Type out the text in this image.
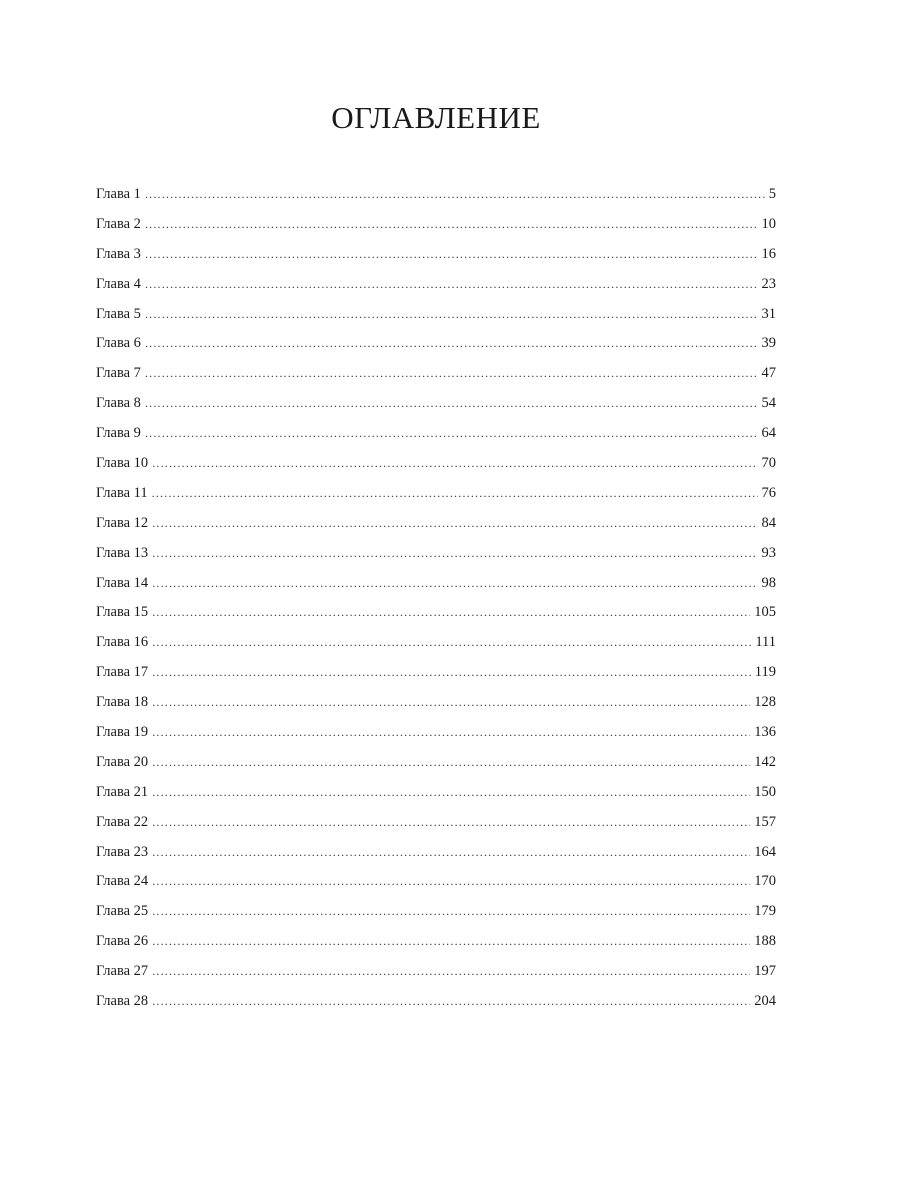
ОГЛАВЛЕНИЕ
Глава 1 .....	5
Глава 2 .....	10
Глава 3 .....	16
Глава 4 .....	23
Глава 5 .....	31
Глава 6 .....	39
Глава 7 .....	47
Глава 8 .....	54
Глава 9 .....	64
Глава 10 .....	70
Глава 11 .....	76
Глава 12 .....	84
Глава 13 .....	93
Глава 14 .....	98
Глава 15 .....	105
Глава 16 .....	111
Глава 17 .....	119
Глава 18 .....	128
Глава 19 .....	136
Глава 20 .....	142
Глава 21 .....	150
Глава 22 .....	157
Глава 23 .....	164
Глава 24 .....	170
Глава 25 .....	179
Глава 26 .....	188
Глава 27 .....	197
Глава 28 .....	204
